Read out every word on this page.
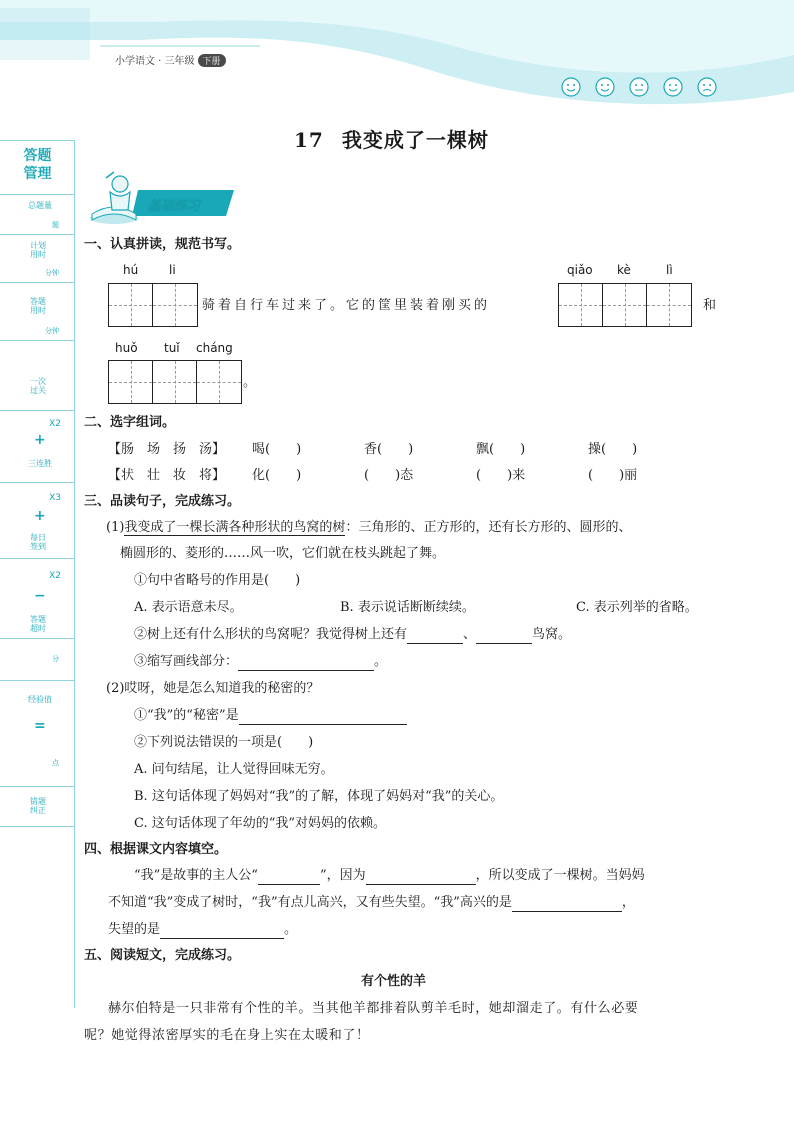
小学语文 · 三年级 下册
答题管理
总题量
题
计划用时
分钟
答题用时
分钟
一次过关
X2
+
三连胜
X3
+
每日签到
X2
−
答题超时
分
经验值
=
点
错题纠正
17 我变成了一棵树
基础练习
一、认真拼读，规范书写。
hú	li
骑着自行车过来了。它的筐里装着刚买的
qiǎo kè	lì
和
huǒ tuǐ cháng
。
二、选字组词。
【肠　场　扬　汤】 喝(　　)	香(　　)	飘(　　)	操(　　)
【状　壮　妆　将】 化(　　)	(　　)态	(　　)来	(　　)丽
三、品读句子，完成练习。
(1)我变成了一棵长满各种形状的鸟窝的树：三角形的、正方形的，还有长方形的、圆形的、
椭圆形的、菱形的……风一吹，它们就在枝头跳起了舞。
①句中省略号的作用是(　　)
A. 表示语意未尽。	B. 表示说话断断续续。	C. 表示列举的省略。
②树上还有什么形状的鸟窝呢？我觉得树上还有	、	鸟窝。
③缩写画线部分：	。
(2)哎呀，她是怎么知道我的秘密的？
①“我”的“秘密”是
②下列说法错误的一项是(　　)
A. 问句结尾，让人觉得回味无穷。
B. 这句话体现了妈妈对“我”的了解，体现了妈妈对“我”的关心。
C. 这句话体现了年幼的“我”对妈妈的依赖。
四、根据课文内容填空。
“我”是故事的主人公“	”，因为	，所以变成了一棵树。当妈妈
不知道“我”变成了树时，“我”有点儿高兴，又有些失望。“我”高兴的是	，
失望的是	。
五、阅读短文，完成练习。
有个性的羊
赫尔伯特是一只非常有个性的羊。当其他羊都排着队剪羊毛时，她却溜走了。有什么必要
呢？她觉得浓密厚实的毛在身上实在太暖和了！
